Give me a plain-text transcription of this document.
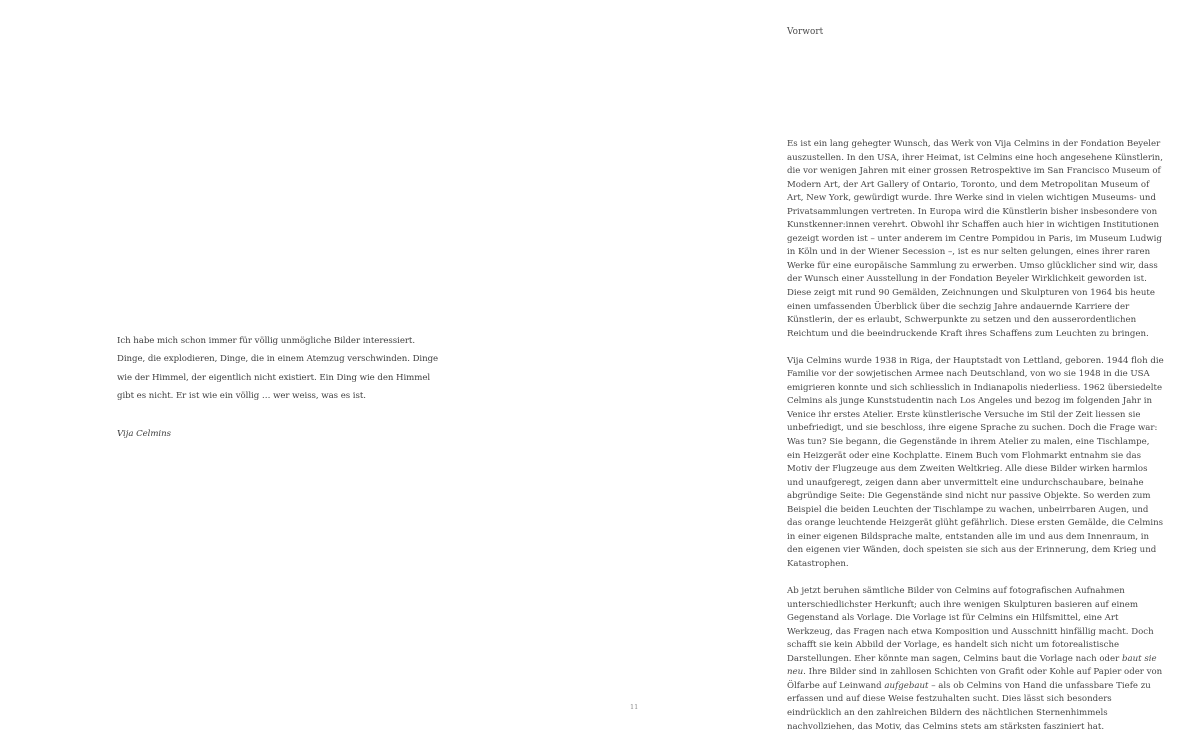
Ich habe mich schon immer für völlig unmögliche Bilder interessiert.

Dinge, die explodieren, Dinge, die in einem Atemzug verschwinden. Dinge

wie der Himmel, der eigentlich nicht existiert. Ein Ding wie den Himmel

gibt es nicht. Er ist wie ein völlig … wer weiss, was es ist.

Vija Celmins

11
Vorwort

Es ist ein lang gehegter Wunsch, das Werk von Vija Celmins in der Fondation Beyeler auszustellen. In den USA, ihrer Heimat, ist Celmins eine hoch angesehene Künstlerin, die vor wenigen Jahren mit einer grossen Retrospektive im San Francisco Museum of Modern Art, der Art Gallery of Ontario, Toronto, und dem Metropolitan Museum of Art, New York, gewürdigt wurde. Ihre Werke sind in vielen wichtigen Museums- und Privatsammlungen vertreten. In Europa wird die Künstlerin bisher insbesondere von Kunstkenner:innen verehrt. Obwohl ihr Schaffen auch hier in wichtigen Institutionen gezeigt worden ist – unter anderem im Centre Pompidou in Paris, im Museum Ludwig in Köln und in der Wiener Secession –, ist es nur selten gelungen, eines ihrer raren Werke für eine europäische Sammlung zu erwerben. Umso glücklicher sind wir, dass der Wunsch einer Ausstellung in der Fondation Beyeler Wirklichkeit geworden ist. Diese zeigt mit rund 90 Gemälden, Zeichnungen und Skulpturen von 1964 bis heute einen umfassenden Überblick über die sechzig Jahre andauernde Karriere der Künstlerin, der es erlaubt, Schwerpunkte zu setzen und den ausserordentlichen Reichtum und die beeindruckende Kraft ihres Schaffens zum Leuchten zu bringen.

Vija Celmins wurde 1938 in Riga, der Hauptstadt von Lettland, geboren. 1944 floh die Familie vor der sowjetischen Armee nach Deutschland, von wo sie 1948 in die USA emigrieren konnte und sich schliesslich in Indianapolis niederliess. 1962 übersiedelte Celmins als junge Kunststudentin nach Los Angeles und bezog im folgenden Jahr in Venice ihr erstes Atelier. Erste künstlerische Versuche im Stil der Zeit liessen sie unbefriedigt, und sie beschloss, ihre eigene Sprache zu suchen. Doch die Frage war: Was tun? Sie begann, die Gegenstände in ihrem Atelier zu malen, eine Tischlampe, ein Heizgerät oder eine Kochplatte. Einem Buch vom Flohmarkt entnahm sie das Motiv der Flugzeuge aus dem Zweiten Weltkrieg. Alle diese Bilder wirken harmlos und unaufgeregt, zeigen dann aber unvermittelt eine undurchschaubare, beinahe abgründige Seite: Die Gegenstände sind nicht nur passive Objekte. So werden zum Beispiel die beiden Leuchten der Tischlampe zu wachen, unbeirrbaren Augen, und das orange leuchtende Heizgerät glüht gefährlich. Diese ersten Gemälde, die Celmins in einer eigenen Bildsprache malte, entstanden alle im und aus dem Innenraum, in den eigenen vier Wänden, doch speisten sie sich aus der Erinnerung, dem Krieg und Katastrophen.

Ab jetzt beruhen sämtliche Bilder von Celmins auf fotografischen Aufnahmen unterschiedlichster Herkunft; auch ihre wenigen Skulpturen basieren auf einem Gegenstand als Vorlage. Die Vorlage ist für Celmins ein Hilfsmittel, eine Art Werkzeug, das Fragen nach etwa Komposition und Ausschnitt hinfällig macht. Doch schafft sie kein Abbild der Vorlage, es handelt sich nicht um fotorealistische Darstellungen. Eher könnte man sagen, Celmins baut die Vorlage nach oder baut sie neu. Ihre Bilder sind in zahllosen Schichten von Grafit oder Kohle auf Papier oder von Ölfarbe auf Leinwand aufgebaut – als ob Celmins von Hand die unfassbare Tiefe zu erfassen und auf diese Weise festzuhalten sucht. Dies lässt sich besonders eindrücklich an den zahlreichen Bildern des nächtlichen Sternenhimmels nachvollziehen, das Motiv, das Celmins stets am stärksten fasziniert hat.
